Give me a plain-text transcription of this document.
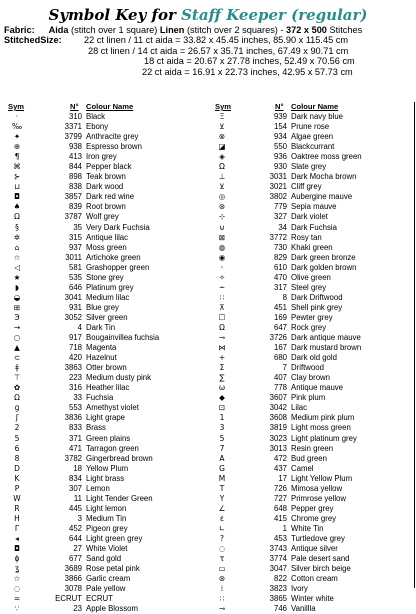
Symbol Key for Staff Keeper (regular)
Fabric: Aida (stitch over 1 square) Linen (stitch over 2 squares) - 372 x 500 Stitches
StitchedSize: 22 ct linen / 11 ct aida = 33.82 x 45.45 inches, 85.90 x 115.45 cm
28 ct linen / 14 ct aida = 26.57 x 35.71 inches, 67.49 x 90.71 cm
18 ct aida = 20.67 x 27.78 inches, 52.49 x 70.56 cm
22 ct aida = 16.91 x 22.73 inches, 42.95 x 57.73 cm
Sym	N° Colour Name
·	310 Black
‰	3371 Ebony
✦	3799 Anthracite grey
⊕	938 Espresso brown
¶	413 Iron grey
⌘	844 Pepper black
⊱	898 Teak brown
⊔	838 Dark wood
◘	3857 Dark red wine
♠	839 Root brown
Ω	3787 Wolf grey
§	35 Very Dark Fuchsia
✲	315 Antique lilac
⌂	937 Moss green
☆	3011 Artichoke green
◁	581 Grashopper green
★	535 Stone grey
◗	646 Platinum grey
◒	3041 Medium lilac
⊞	931 Blue grey
Э	3052 Silver green
→	4 Dark Tin
○	917 Bougainvillea fuchsia
▲	718 Magenta
⊂	420 Hazelnut
ǂ	3863 Otter brown
⊤	223 Medium dusty pink
✿	316 Heather lilac
Ω	33 Fuchsia
ɡ	553 Amethyst violet
ʃ	3836 Light grape
2	833 Brass
5	371 Green plains
6	471 Tarragon green
8	3782 Gingerbread brown
D	18 Yellow Plum
K	834 Light brass
P	307 Lemon
W	11 Light Tender Green
R	445 Light lemon
H	3 Medium Tin
Γ	452 Pigeon grey
◂	644 Light green grey
◘	27 White Violet
ϕ	677 Sand gold
ʓ	3689 Rose petal pink
☆	3866 Garlic cream
◌	3078 Pale yellow
=	ECRUT ECRUT
∵	23 Apple Blossom
Sym	N° Colour Name
Ξ	939 Dark navy blue
⊻	154 Prune rose
⊗	934 Algae green
◪	550 Blackcurrant
◈	936 Oaktree moss green
Ω	930 Slate grey
⊥	3031 Dark Mocha brown
⊻	3021 Cliff grey
◎	3802 Aubergine mauve
⊛	779 Sepia mauve
⊹	327 Dark violet
⊍	34 Dark Fuchsia
⊠	3772 Rosy tan
◍	730 Khaki green
◉	829 Dark green bronze
◦	610 Dark golden brown
✧	470 Olive green
∸	317 Steel grey
∷	8 Dark Driftwood
⊼	451 Shell pink grey
☐	169 Pewter grey
Ω	647 Rock grey
⊸	3726 Dark antique mauve
⋈	167 Dark mustard brown
+	680 Dark old gold
Σ	7 Driftwood
∑	407 Clay brown
ω	778 Antique mauve
◆	3607 Pink plum
⊡	3042 Lilac
1	3608 Medium pink plum
3	3819 Light moss green
5	3023 Light platinum grey
7	3013 Resin green
A	472 Bud green
G	437 Camel
M	17 Light Yellow Plum
T	726 Mimosa yellow
Y	727 Primrose yellow
∠	648 Pepper grey
ɛ	415 Chrome grey
∟	1 White Tin
?	453 Turtledove grey
◌	3743 Antique silver
τ	3774 Pale desert sand
▭	3047 Silver birch beige
⊛	822 Cotton cream
⁞	3823 Ivory
∷	3865 Winter white
⊸	746 Vanillla
